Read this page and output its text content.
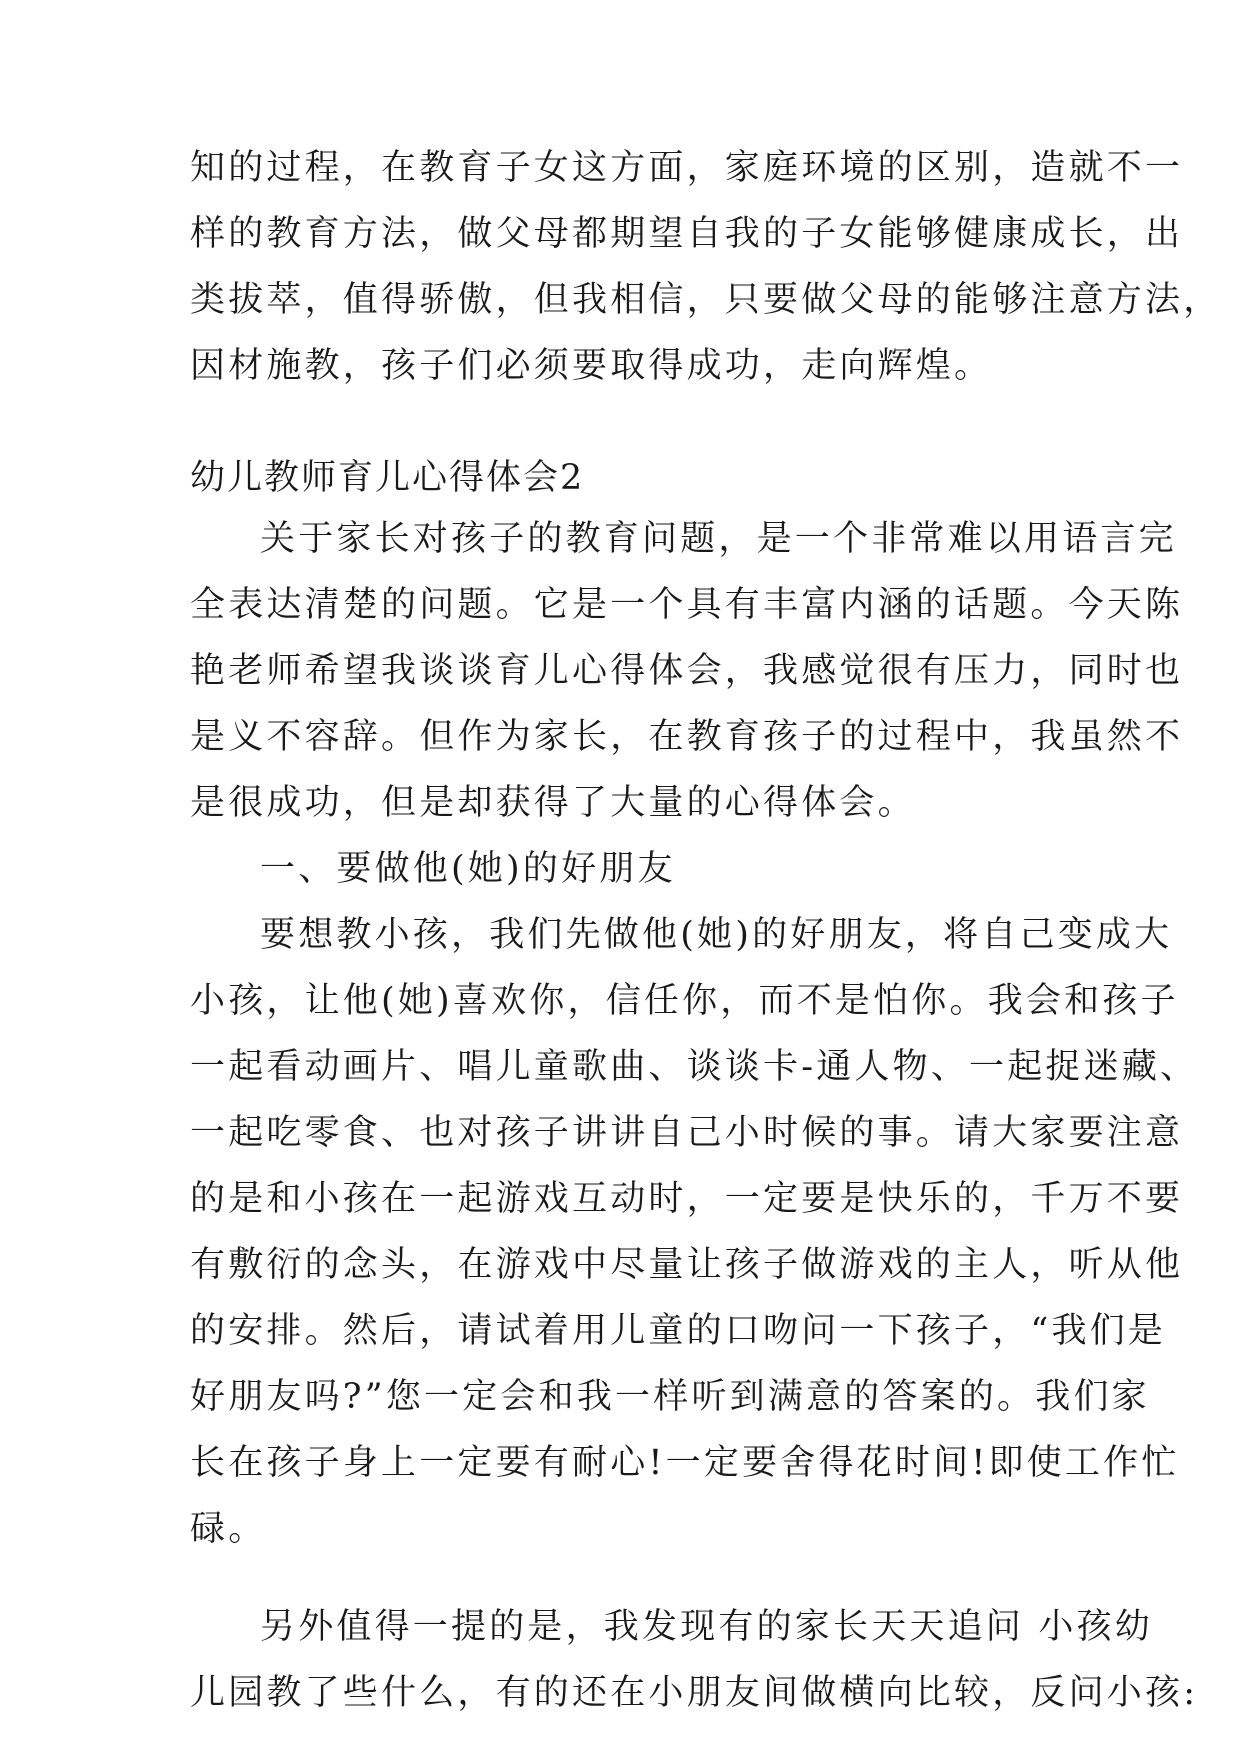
知的过程，在教育子女这方面，家庭环境的区别，造就不一

样的教育方法，做父母都期望自我的子女能够健康成长，出

类拔萃，值得骄傲，但我相信，只要做父母的能够注意方法，

因材施教，孩子们必须要取得成功，走向辉煌。

幼儿教师育儿心得体会2

关于家长对孩子的教育问题，是一个非常难以用语言完

全表达清楚的问题。它是一个具有丰富内涵的话题。今天陈

艳老师希望我谈谈育儿心得体会，我感觉很有压力，同时也

是义不容辞。但作为家长，在教育孩子的过程中，我虽然不

是很成功，但是却获得了大量的心得体会。

一、要做他(她)的好朋友

要想教小孩，我们先做他(她)的好朋友，将自己变成大

小孩，让他(她)喜欢你，信任你，而不是怕你。我会和孩子

一起看动画片、唱儿童歌曲、谈谈卡-通人物、一起捉迷藏、

一起吃零食、也对孩子讲讲自己小时候的事。请大家要注意

的是和小孩在一起游戏互动时，一定要是快乐的，千万不要

有敷衍的念头，在游戏中尽量让孩子做游戏的主人，听从他

的安排。然后，请试着用儿童的口吻问一下孩子，“我们是

好朋友吗?”您一定会和我一样听到满意的答案的。我们家

长在孩子身上一定要有耐心!一定要舍得花时间!即使工作忙

碌。

另外值得一提的是，我发现有的家长天天追问 小孩幼

儿园教了些什么，有的还在小朋友间做横向比较，反问小孩:
